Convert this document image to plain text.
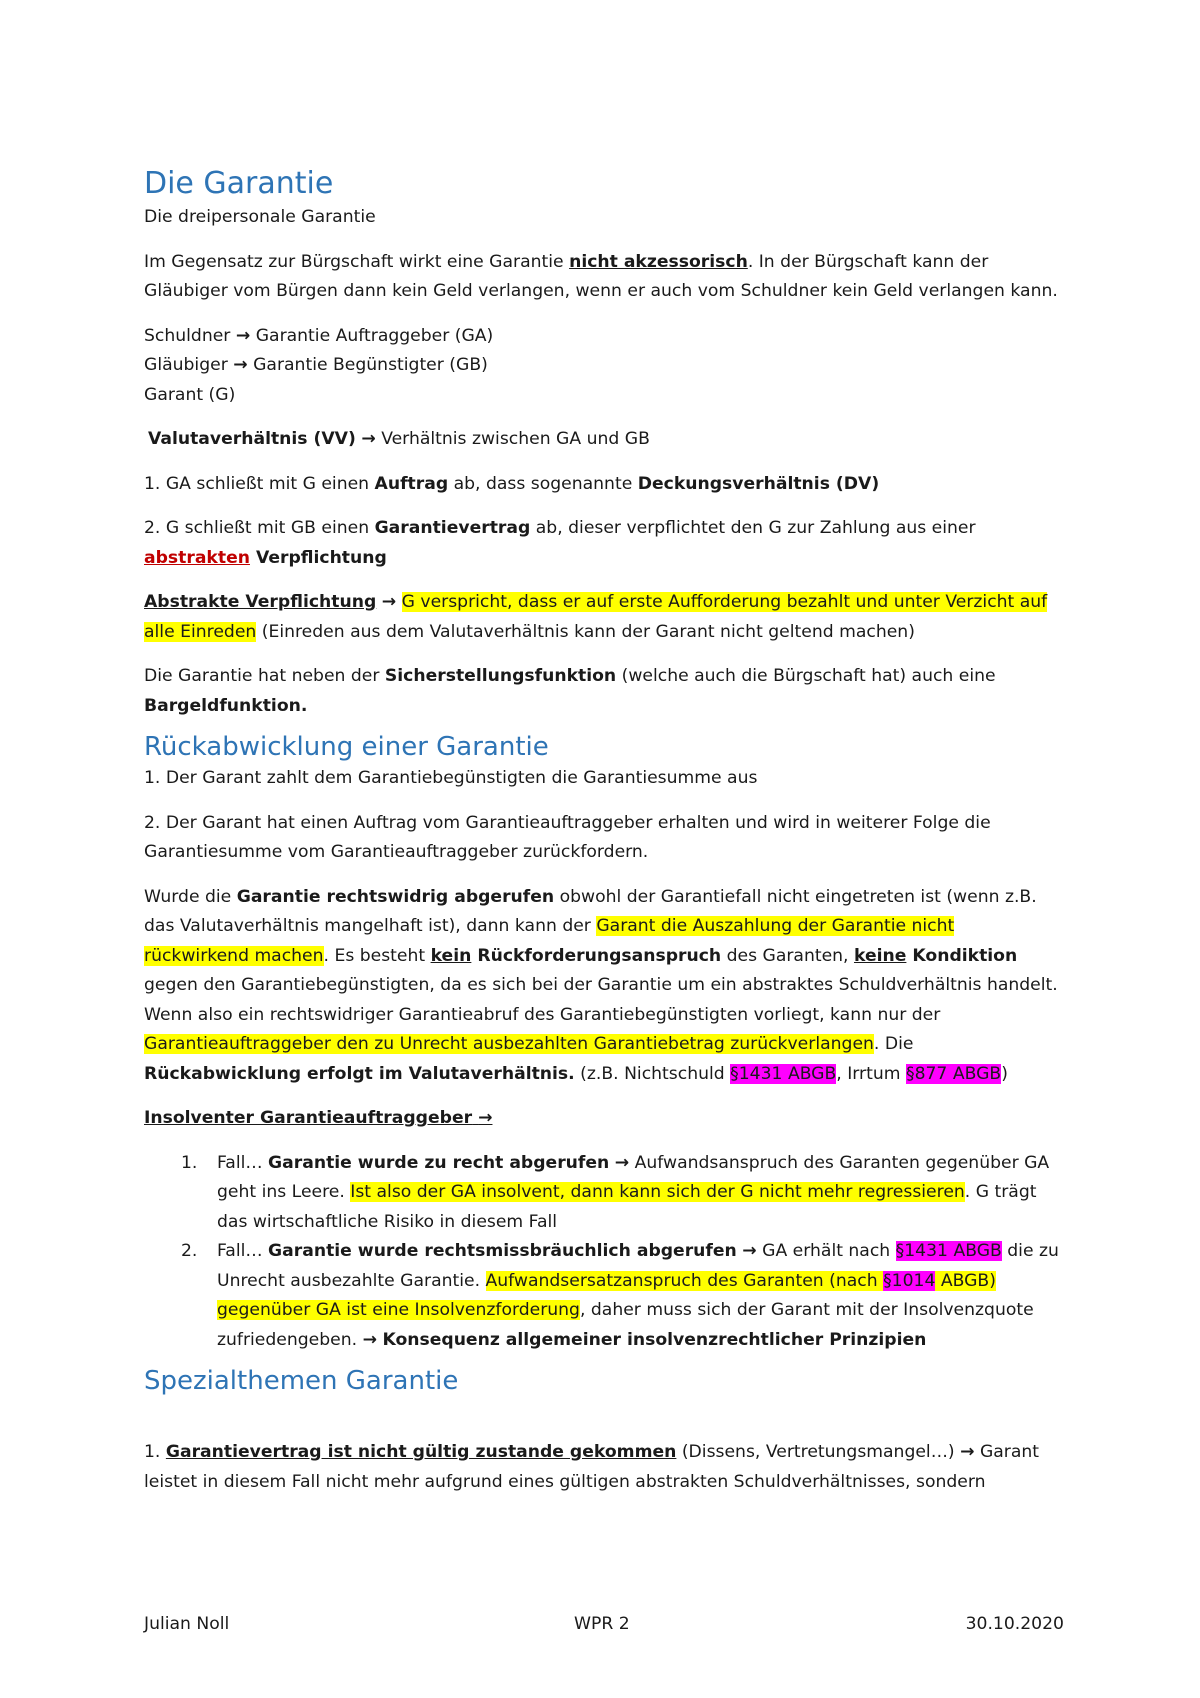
Die Garantie

Die dreipersonale Garantie

Im Gegensatz zur Bürgschaft wirkt eine Garantie nicht akzessorisch. In der Bürgschaft kann der Gläubiger vom Bürgen dann kein Geld verlangen, wenn er auch vom Schuldner kein Geld verlangen kann.

Schuldner → Garantie Auftraggeber (GA)

Gläubiger → Garantie Begünstigter (GB)

Garant (G)

Valutaverhältnis (VV) → Verhältnis zwischen GA und GB

1. GA schließt mit G einen Auftrag ab, dass sogenannte Deckungsverhältnis (DV)

2. G schließt mit GB einen Garantievertrag ab, dieser verpflichtet den G zur Zahlung aus einer abstrakten Verpflichtung

Abstrakte Verpflichtung → G verspricht, dass er auf erste Aufforderung bezahlt und unter Verzicht auf alle Einreden (Einreden aus dem Valutaverhältnis kann der Garant nicht geltend machen)

Die Garantie hat neben der Sicherstellungsfunktion (welche auch die Bürgschaft hat) auch eine Bargeldfunktion.

Rückabwicklung einer Garantie

1. Der Garant zahlt dem Garantiebegünstigten die Garantiesumme aus

2. Der Garant hat einen Auftrag vom Garantieauftraggeber erhalten und wird in weiterer Folge die Garantiesumme vom Garantieauftraggeber zurückfordern.

Wurde die Garantie rechtswidrig abgerufen obwohl der Garantiefall nicht eingetreten ist (wenn z.B. das Valutaverhältnis mangelhaft ist), dann kann der Garant die Auszahlung der Garantie nicht rückwirkend machen. Es besteht kein Rückforderungsanspruch des Garanten, keine Kondiktion gegen den Garantiebegünstigten, da es sich bei der Garantie um ein abstraktes Schuldverhältnis handelt. Wenn also ein rechtswidriger Garantieabruf des Garantiebegünstigten vorliegt, kann nur der Garantieauftraggeber den zu Unrecht ausbezahlten Garantiebetrag zurückverlangen. Die Rückabwicklung erfolgt im Valutaverhältnis. (z.B. Nichtschuld §1431 ABGB, Irrtum §877 ABGB)

Insolventer Garantieauftraggeber →

1. Fall… Garantie wurde zu recht abgerufen → Aufwandsanspruch des Garanten gegenüber GA geht ins Leere. Ist also der GA insolvent, dann kann sich der G nicht mehr regressieren. G trägt das wirtschaftliche Risiko in diesem Fall
2. Fall… Garantie wurde rechtsmissbräuchlich abgerufen → GA erhält nach §1431 ABGB die zu Unrecht ausbezahlte Garantie. Aufwandsersatzanspruch des Garanten (nach §1014 ABGB) gegenüber GA ist eine Insolvenzforderung, daher muss sich der Garant mit der Insolvenzquote zufriedengeben. → Konsequenz allgemeiner insolvenzrechtlicher Prinzipien
Spezialthemen Garantie

1. Garantievertrag ist nicht gültig zustande gekommen (Dissens, Vertretungsmangel…) → Garant leistet in diesem Fall nicht mehr aufgrund eines gültigen abstrakten Schuldverhältnisses, sondern

Julian Noll	WPR 2	30.10.2020
